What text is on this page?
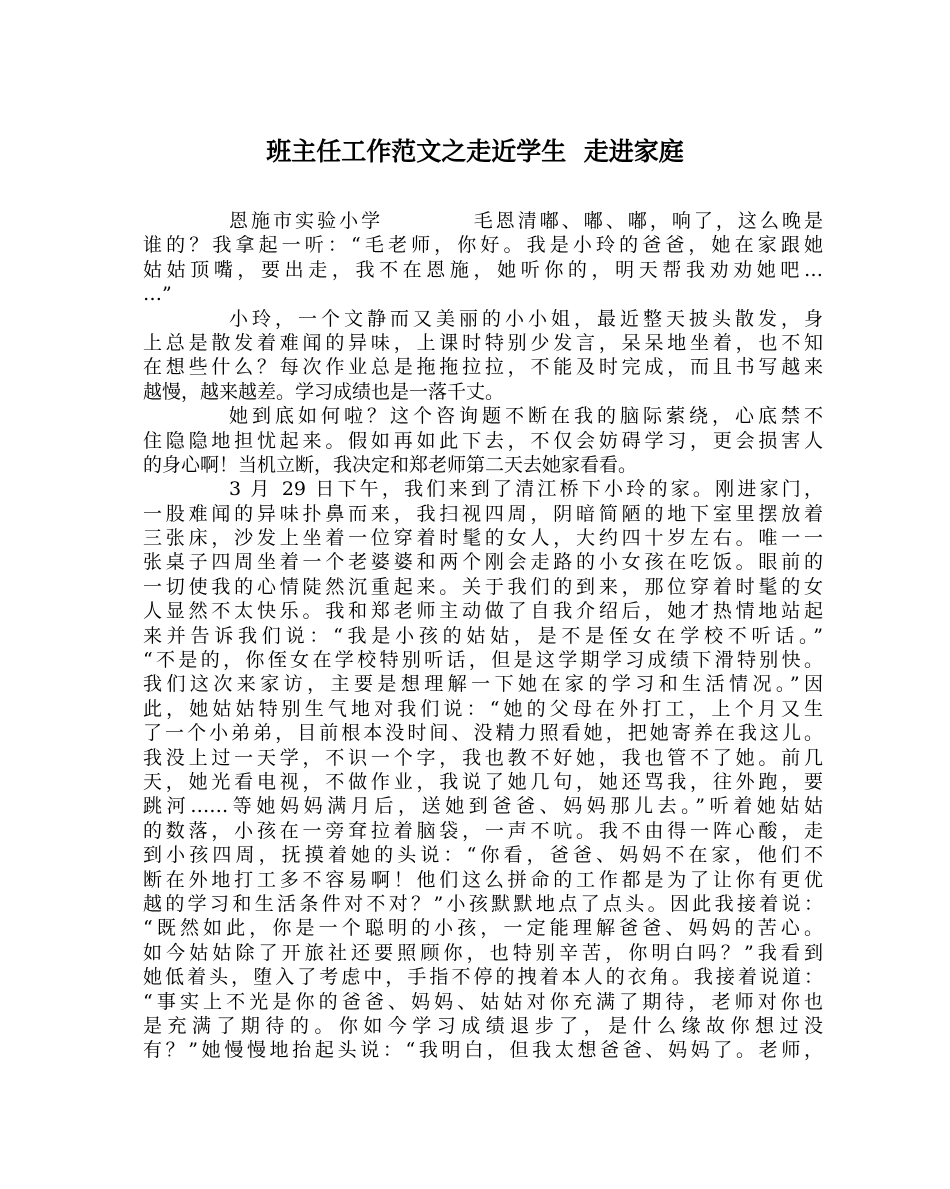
班主任工作范文之走近学生  走进家庭
恩施市实验小学          毛恩清嘟、嘟、嘟，响了，这么晚是
谁的？我拿起一听：“毛老师，你好。我是小玲的爸爸，她在家跟她
姑姑顶嘴，要出走，我不在恩施，她听你的，明天帮我劝劝她吧…
…”
小玲，一个文静而又美丽的小小姐，最近整天披头散发，身
上总是散发着难闻的异味，上课时特别少发言，呆呆地坐着，也不知
在想些什么？每次作业总是拖拖拉拉，不能及时完成，而且书写越来
越慢，越来越差。学习成绩也是一落千丈。
她到底如何啦？这个咨询题不断在我的脑际萦绕，心底禁不
住隐隐地担忧起来。假如再如此下去，不仅会妨碍学习，更会损害人
的身心啊！当机立断，我决定和郑老师第二天去她家看看。
3 月 29 日下午，我们来到了清江桥下小玲的家。刚进家门，
一股难闻的异味扑鼻而来，我扫视四周，阴暗简陋的地下室里摆放着
三张床，沙发上坐着一位穿着时髦的女人，大约四十岁左右。唯一一
张桌子四周坐着一个老婆婆和两个刚会走路的小女孩在吃饭。眼前的
一切使我的心情陡然沉重起来。关于我们的到来，那位穿着时髦的女
人显然不太快乐。我和郑老师主动做了自我介绍后，她才热情地站起
来并告诉我们说：“我是小孩的姑姑，是不是侄女在学校不听话。”
“不是的，你侄女在学校特别听话，但是这学期学习成绩下滑特别快。
我们这次来家访，主要是想理解一下她在家的学习和生活情况。”因
此，她姑姑特别生气地对我们说：“她的父母在外打工，上个月又生
了一个小弟弟，目前根本没时间、没精力照看她，把她寄养在我这儿。
我没上过一天学，不识一个字，我也教不好她，我也管不了她。前几
天，她光看电视，不做作业，我说了她几句，她还骂我，往外跑，要
跳河……等她妈妈满月后，送她到爸爸、妈妈那儿去。”听着她姑姑
的数落，小孩在一旁耷拉着脑袋，一声不吭。我不由得一阵心酸，走
到小孩四周，抚摸着她的头说：“你看，爸爸、妈妈不在家，他们不
断在外地打工多不容易啊！他们这么拼命的工作都是为了让你有更优
越的学习和生活条件对不对？”小孩默默地点了点头。因此我接着说：
“既然如此，你是一个聪明的小孩，一定能理解爸爸、妈妈的苦心。
如今姑姑除了开旅社还要照顾你，也特别辛苦，你明白吗？”我看到
她低着头，堕入了考虑中，手指不停的拽着本人的衣角。我接着说道：
“事实上不光是你的爸爸、妈妈、姑姑对你充满了期待，老师对你也
是充满了期待的。你如今学习成绩退步了，是什么缘故你想过没
有？”她慢慢地抬起头说：“我明白，但我太想爸爸、妈妈了。老师，
